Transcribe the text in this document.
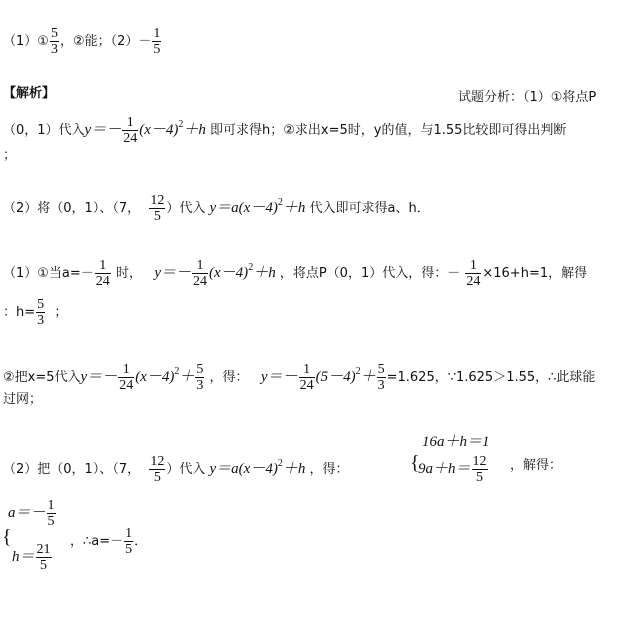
（1）① $\frac{5}{3}$ ，②能；$(2)- \frac{1}{5}$
【解析】	试题分析：（1）①将点P
（0，1）代入$y=- \frac{1}{24} (x-4)^2+h$ 即可求得h；②求出x=5时，y的值，与1.55比较即可得出判断
；
（2）将（0，1）、（7， $\frac{12}{5}$ ）代入 $y=a(x-4)^2+h$ 代入即可求得a、h．
（1）①当$a=- \frac{1}{24}$ 时， $y=- \frac{1}{24} (x-4)^2+h$ ，将点P（0，1）代入，得：－ $\frac{1}{24} \times 16+h=1$，解得
：$h= \frac{5}{3}$ ；
②把x=5代入$y=- \frac{1}{24} (x-4)^2+ \frac{5}{3}$ ，得： $y=- \frac{1}{24} (5-4)^2+ \frac{5}{3} =1.625$，∵1.625＞1.55，∴此球能
过网；
（2）把（0，1）、（7， $\frac{12}{5}$ ）代入 $y=a(x-4)^2+h$ ，得：	{
16a＋h＝1
$9a+h= \frac{12}{5}$ ，解得：
{
$a=- \frac{1}{5}$
$h= \frac{21}{5}$
，∴a=－ $\frac{1}{5}$ ．
